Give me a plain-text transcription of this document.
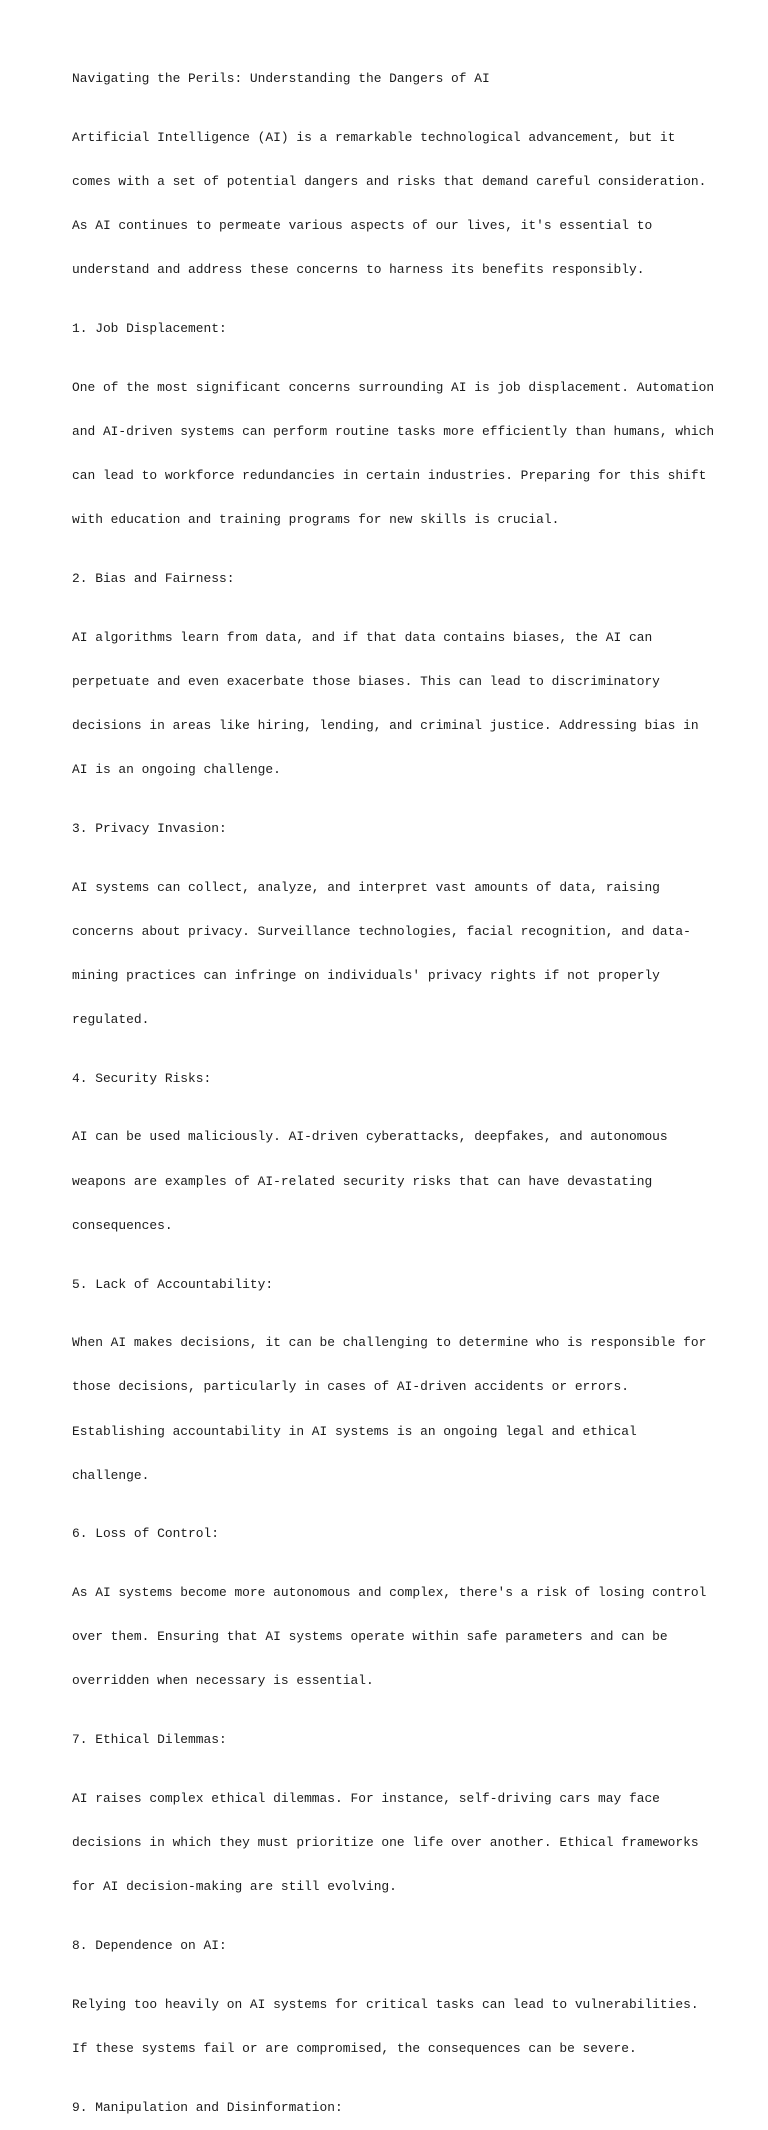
Navigating the Perils: Understanding the Dangers of AI

Artificial Intelligence (AI) is a remarkable technological advancement, but it

comes with a set of potential dangers and risks that demand careful consideration.

As AI continues to permeate various aspects of our lives, it's essential to

understand and address these concerns to harness its benefits responsibly.

1. Job Displacement:

One of the most significant concerns surrounding AI is job displacement. Automation

and AI-driven systems can perform routine tasks more efficiently than humans, which

can lead to workforce redundancies in certain industries. Preparing for this shift

with education and training programs for new skills is crucial.

2. Bias and Fairness:

AI algorithms learn from data, and if that data contains biases, the AI can

perpetuate and even exacerbate those biases. This can lead to discriminatory

decisions in areas like hiring, lending, and criminal justice. Addressing bias in

AI is an ongoing challenge.

3. Privacy Invasion:

AI systems can collect, analyze, and interpret vast amounts of data, raising

concerns about privacy. Surveillance technologies, facial recognition, and data-

mining practices can infringe on individuals' privacy rights if not properly

regulated.

4. Security Risks:

AI can be used maliciously. AI-driven cyberattacks, deepfakes, and autonomous

weapons are examples of AI-related security risks that can have devastating

consequences.

5. Lack of Accountability:

When AI makes decisions, it can be challenging to determine who is responsible for

those decisions, particularly in cases of AI-driven accidents or errors.

Establishing accountability in AI systems is an ongoing legal and ethical

challenge.

6. Loss of Control:

As AI systems become more autonomous and complex, there's a risk of losing control

over them. Ensuring that AI systems operate within safe parameters and can be

overridden when necessary is essential.

7. Ethical Dilemmas:

AI raises complex ethical dilemmas. For instance, self-driving cars may face

decisions in which they must prioritize one life over another. Ethical frameworks

for AI decision-making are still evolving.

8. Dependence on AI:

Relying too heavily on AI systems for critical tasks can lead to vulnerabilities.

If these systems fail or are compromised, the consequences can be severe.

9. Manipulation and Disinformation:
